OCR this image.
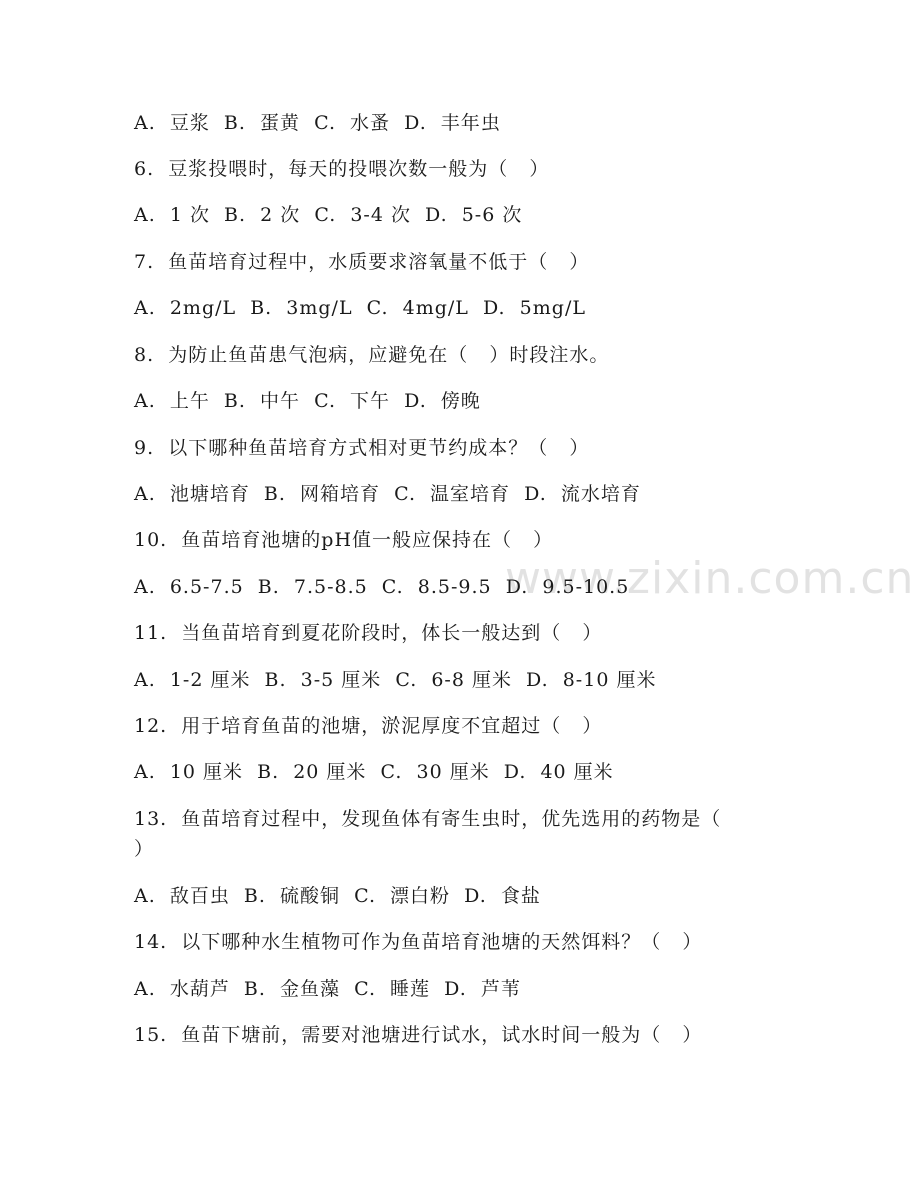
www.zixin.com.cn
A.  豆浆  B.  蛋黄  C.  水蚤  D.  丰年虫
6.  豆浆投喂时，每天的投喂次数一般为（   ）
A.  1 次  B.  2 次  C.  3-4 次  D.  5-6 次
7.  鱼苗培育过程中，水质要求溶氧量不低于（   ）
A.  2mg/L  B.  3mg/L  C.  4mg/L  D.  5mg/L
8.  为防止鱼苗患气泡病，应避免在（   ）时段注水。
A.  上午  B.  中午  C.  下午  D.  傍晚
9.  以下哪种鱼苗培育方式相对更节约成本？（   ）
A.  池塘培育  B.  网箱培育  C.  温室培育  D.  流水培育
10.  鱼苗培育池塘的pH值一般应保持在（   ）
A.  6.5-7.5  B.  7.5-8.5  C.  8.5-9.5  D.  9.5-10.5
11.  当鱼苗培育到夏花阶段时，体长一般达到（   ）
A.  1-2 厘米  B.  3-5 厘米  C.  6-8 厘米  D.  8-10 厘米
12.  用于培育鱼苗的池塘，淤泥厚度不宜超过（   ）
A.  10 厘米  B.  20 厘米  C.  30 厘米  D.  40 厘米
13.  鱼苗培育过程中，发现鱼体有寄生虫时，优先选用的药物是（
）
A.  敌百虫  B.  硫酸铜  C.  漂白粉  D.  食盐
14.  以下哪种水生植物可作为鱼苗培育池塘的天然饵料？（   ）
A.  水葫芦  B.  金鱼藻  C.  睡莲  D.  芦苇
15.  鱼苗下塘前，需要对池塘进行试水，试水时间一般为（   ）
